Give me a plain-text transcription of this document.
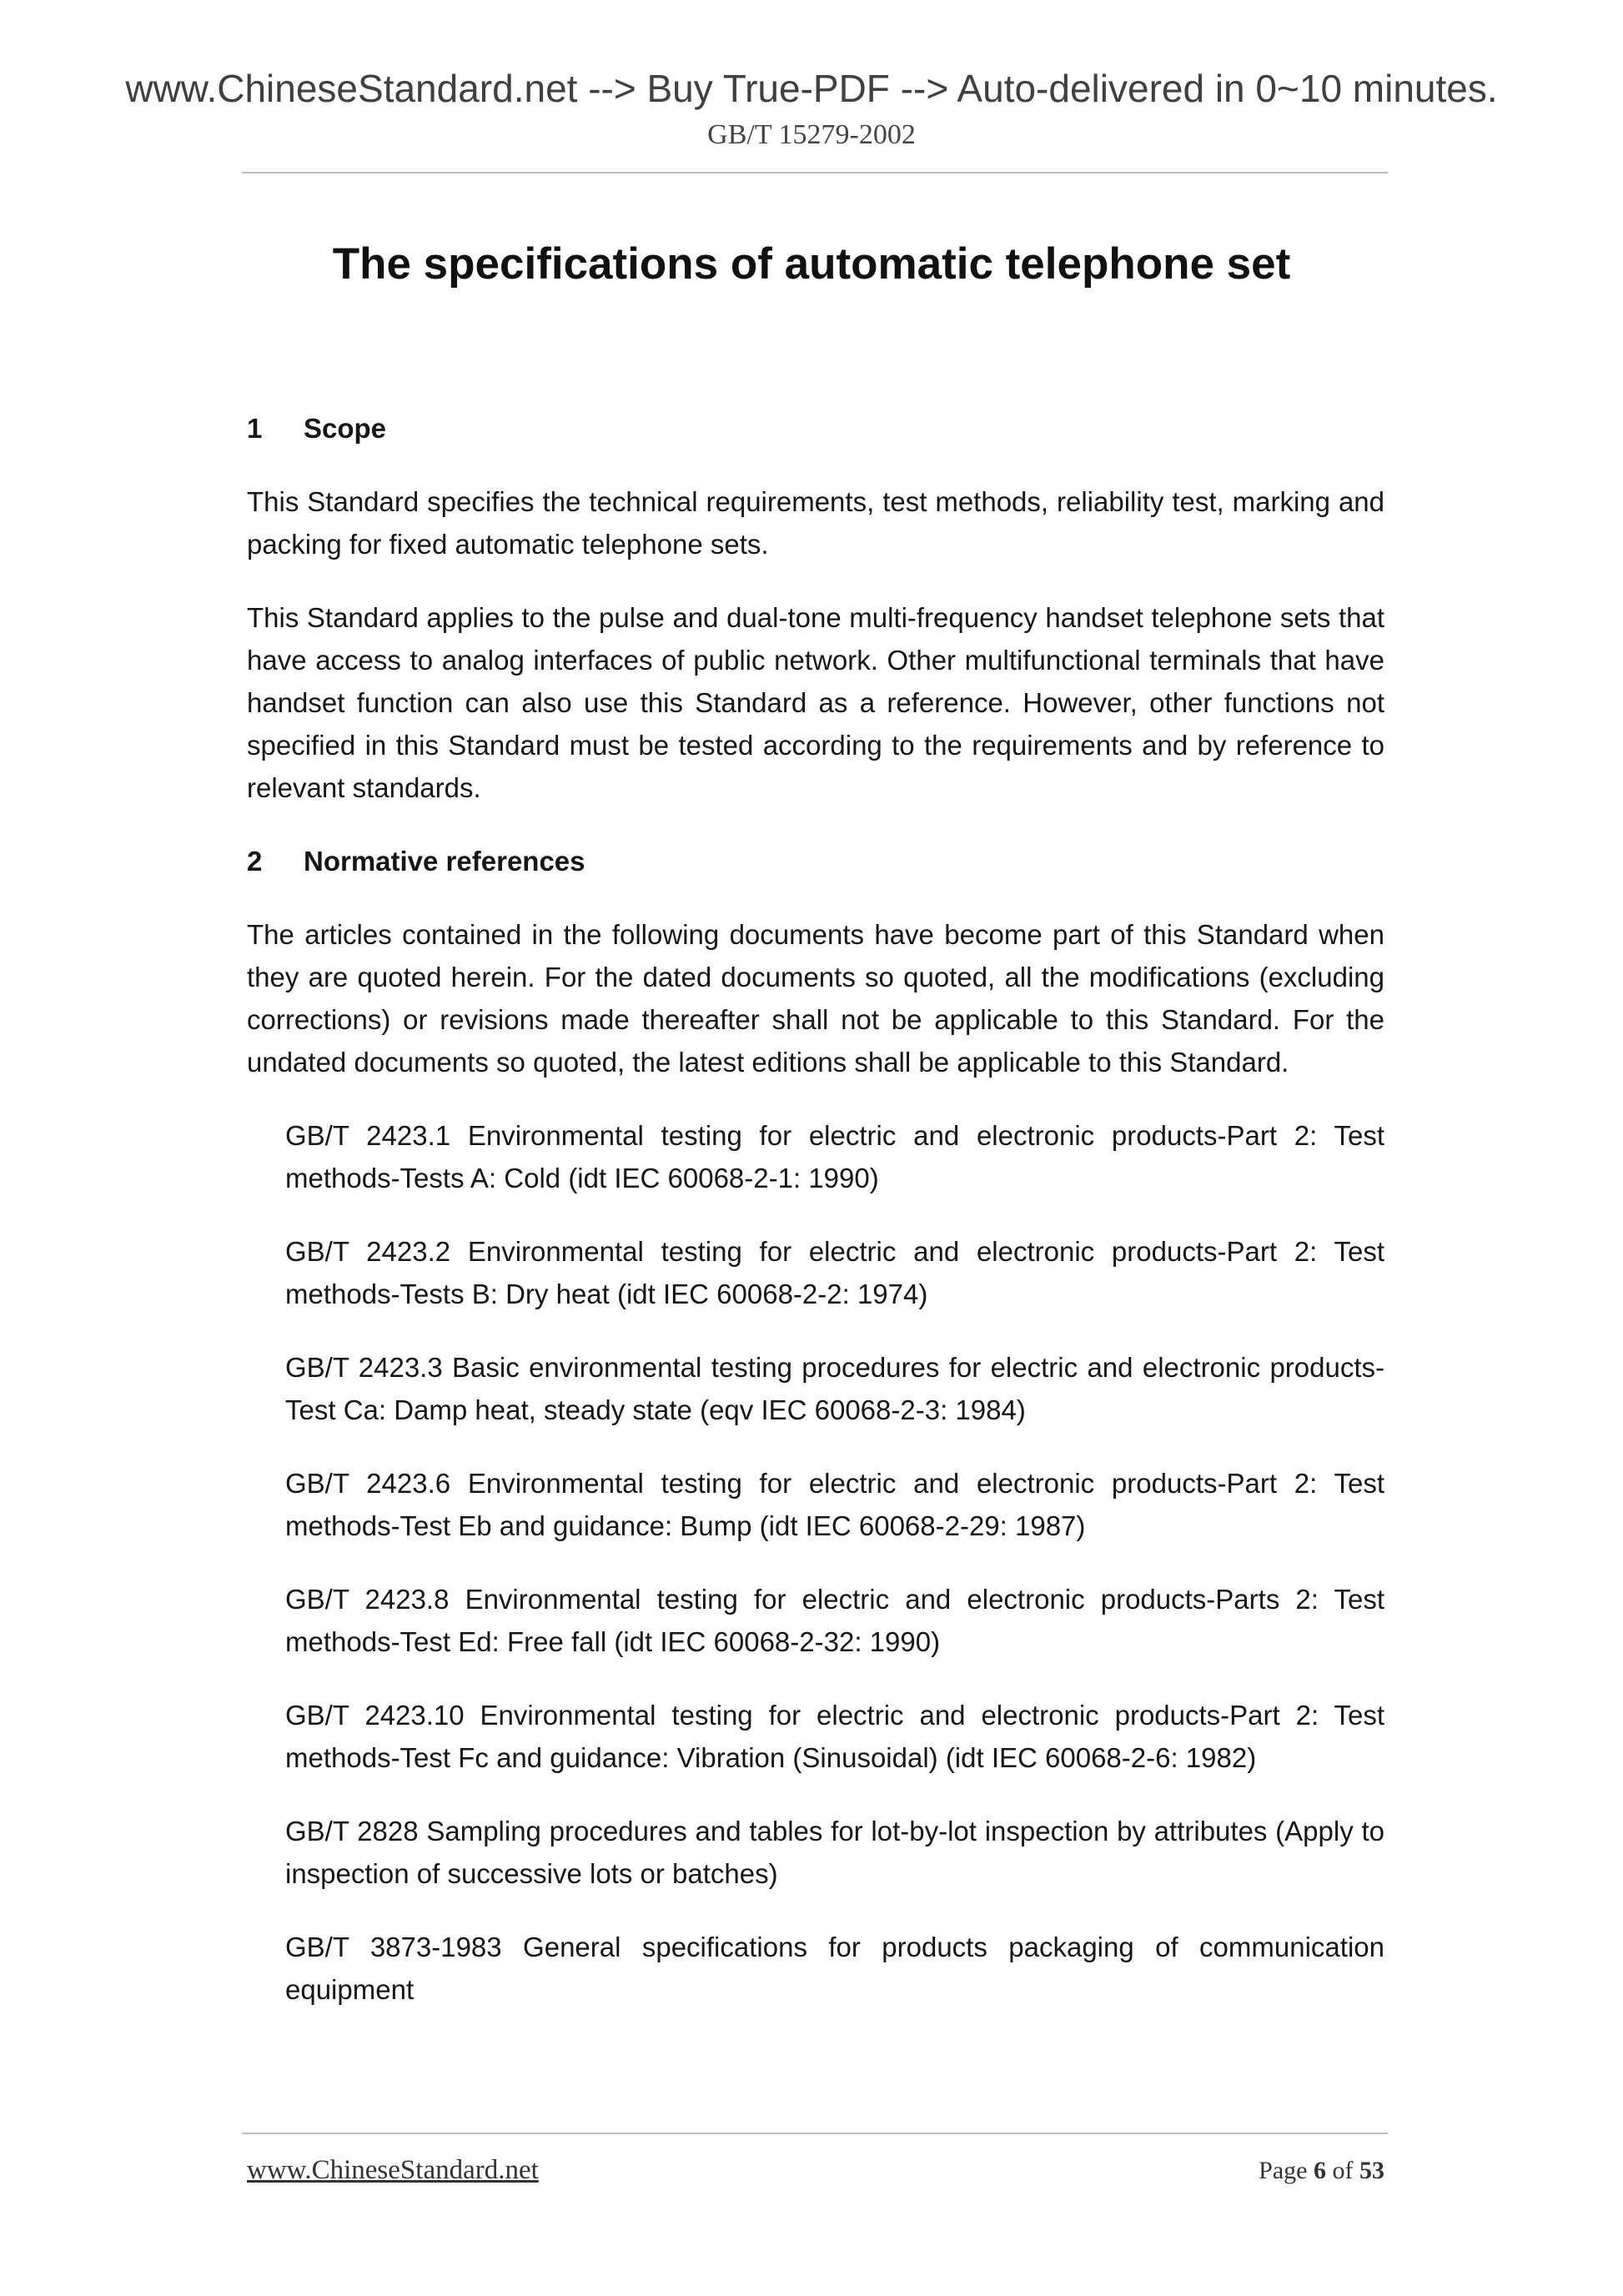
www.ChineseStandard.net --> Buy True-PDF --> Auto-delivered in 0~10 minutes.
GB/T 15279-2002
The specifications of automatic telephone set
1 Scope

This Standard specifies the technical requirements, test methods, reliability test, marking and packing for fixed automatic telephone sets.

This Standard applies to the pulse and dual-tone multi-frequency handset telephone sets that have access to analog interfaces of public network. Other multifunctional terminals that have handset function can also use this Standard as a reference. However, other functions not specified in this Standard must be tested according to the requirements and by reference to relevant standards.

2 Normative references

The articles contained in the following documents have become part of this Standard when they are quoted herein. For the dated documents so quoted, all the modifications (excluding corrections) or revisions made thereafter shall not be applicable to this Standard. For the undated documents so quoted, the latest editions shall be applicable to this Standard.

GB/T 2423.1 Environmental testing for electric and electronic products-Part 2: Test methods-Tests A: Cold (idt IEC 60068-2-1: 1990)

GB/T 2423.2 Environmental testing for electric and electronic products-Part 2: Test methods-Tests B: Dry heat (idt IEC 60068-2-2: 1974)

GB/T 2423.3 Basic environmental testing procedures for electric and electronic products-Test Ca: Damp heat, steady state (eqv IEC 60068-2-3: 1984)

GB/T 2423.6 Environmental testing for electric and electronic products-Part 2: Test methods-Test Eb and guidance: Bump (idt IEC 60068-2-29: 1987)

GB/T 2423.8 Environmental testing for electric and electronic products-Parts 2: Test methods-Test Ed: Free fall (idt IEC 60068-2-32: 1990)

GB/T 2423.10 Environmental testing for electric and electronic products-Part 2: Test methods-Test Fc and guidance: Vibration (Sinusoidal) (idt IEC 60068-2-6: 1982)

GB/T 2828 Sampling procedures and tables for lot-by-lot inspection by attributes (Apply to inspection of successive lots or batches)

GB/T 3873-1983 General specifications for products packaging of communication equipment

www.ChineseStandard.net	Page 6 of 53
